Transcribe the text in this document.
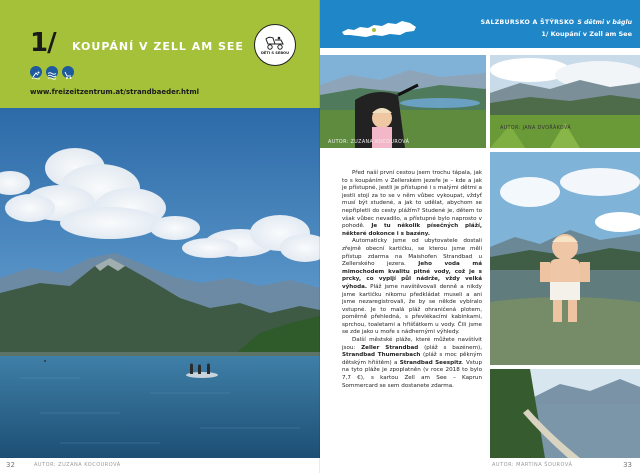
1/ KOUPÁNÍ V ZELL AM SEE	DĚTI S SEBOU
www.freizeitzentrum.at/strandbaeder.html
32	AUTOR: ZUZANA KOCOUROVÁ
SALZBURSKO A ŠTÝRSKO S dětmi v báglu
1/ Koupání v Zell am See
AUTOR: ZUZANA KOCOUROVÁ
AUTOR: JANA DVOŘÁKOVÁ

Před naší první cestou jsem trochu tápala, jak to s koupáním v Zellerském jezeře je – kde a jak je přístupné, jestli je přístupné i s malými dětmi a jestli stojí za to se v něm vůbec vykoupat, vždyť musí být studené, a jak to udělat, abychom se nepřipletli do cesty plážím? Studené je, dětem to však vůbec nevadilo, a přístupné bylo naprosto v pohodě. Je tu několik písečných pláží, některé dokonce i s bazény.

Automaticky jsme od ubytovatele dostali zřejmě obecní kartičku, se kterou jsme měli přístup zdarma na Maishofen Strandbad u Zellerského jezera. Jeho voda má mimochodem kvalitu pitné vody, což je s prcky, co vypijí půl nádrže, vždy velká výhoda. Pláž jsme navštěvovali denně a nikdy jsme kartičku nikomu předkládat museli a ani jsme nezaregistrovali, že by se někde vybíralo vstupné. Je to malá pláž ohraničená plotem, poměrně přehledná, s převlékacími kabinkami, sprchou, toaletami a hřišťátkem u vody. Čili jsme se zde jako u moře s nádhernými výhledy.

Další městské pláže, které můžete navštívit jsou: Zeller Strandbad (pláž s bazénem), Strandbad Thumersbach (pláž s moc pěkným dětským hřištěm) a Strandbad Seespitz. Vstup na tyto pláže je zpoplatněn (v roce 2018 to bylo 7,7 €), s kartou Zell am See – Kaprun Sommercard se sem dostanete zdarma.

AUTOR: MARTINA ŠOUROVÁ	33
